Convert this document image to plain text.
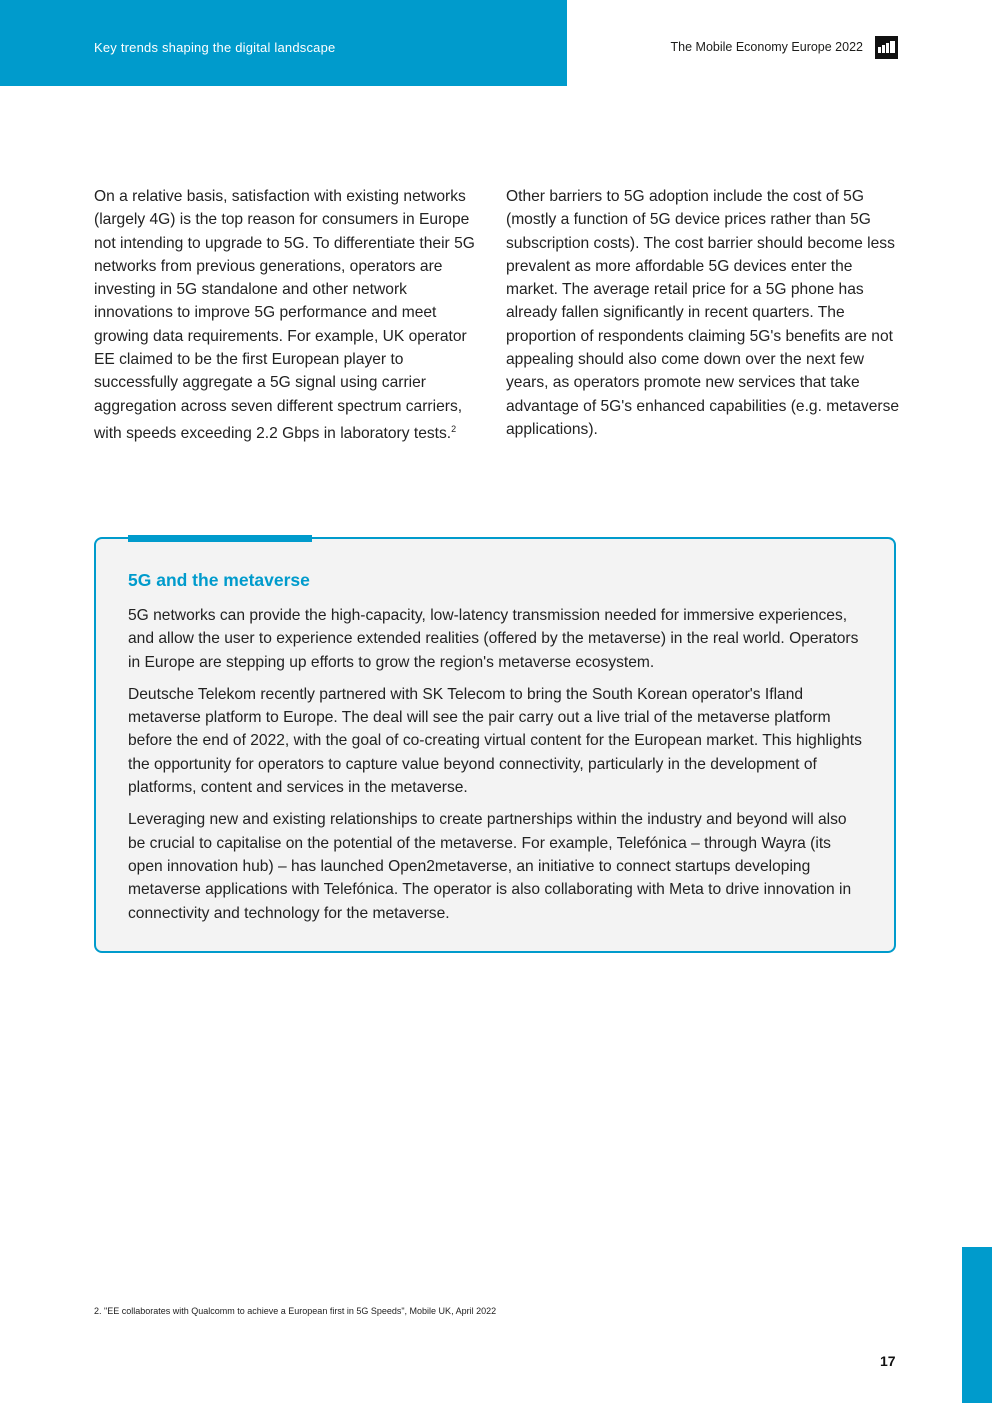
Key trends shaping the digital landscape	The Mobile Economy Europe 2022

On a relative basis, satisfaction with existing networks (largely 4G) is the top reason for consumers in Europe not intending to upgrade to 5G. To differentiate their 5G networks from previous generations, operators are investing in 5G standalone and other network innovations to improve 5G performance and meet growing data requirements. For example, UK operator EE claimed to be the first European player to successfully aggregate a 5G signal using carrier aggregation across seven different spectrum carriers, with speeds exceeding 2.2 Gbps in laboratory tests.$^2$

Other barriers to 5G adoption include the cost of 5G (mostly a function of 5G device prices rather than 5G subscription costs). The cost barrier should become less prevalent as more affordable 5G devices enter the market. The average retail price for a 5G phone has already fallen significantly in recent quarters. The proportion of respondents claiming 5G's benefits are not appealing should also come down over the next few years, as operators promote new services that take advantage of 5G's enhanced capabilities (e.g. metaverse applications).

5G and the metaverse

5G networks can provide the high-capacity, low-latency transmission needed for immersive experiences, and allow the user to experience extended realities (offered by the metaverse) in the real world. Operators in Europe are stepping up efforts to grow the region's metaverse ecosystem.

Deutsche Telekom recently partnered with SK Telecom to bring the South Korean operator's Ifland metaverse platform to Europe. The deal will see the pair carry out a live trial of the metaverse platform before the end of 2022, with the goal of co-creating virtual content for the European market. This highlights the opportunity for operators to capture value beyond connectivity, particularly in the development of platforms, content and services in the metaverse.

Leveraging new and existing relationships to create partnerships within the industry and beyond will also be crucial to capitalise on the potential of the metaverse. For example, Telefónica – through Wayra (its open innovation hub) – has launched Open2metaverse, an initiative to connect startups developing metaverse applications with Telefónica. The operator is also collaborating with Meta to drive innovation in connectivity and technology for the metaverse.

2. "EE collaborates with Qualcomm to achieve a European first in 5G Speeds", Mobile UK, April 2022
17
